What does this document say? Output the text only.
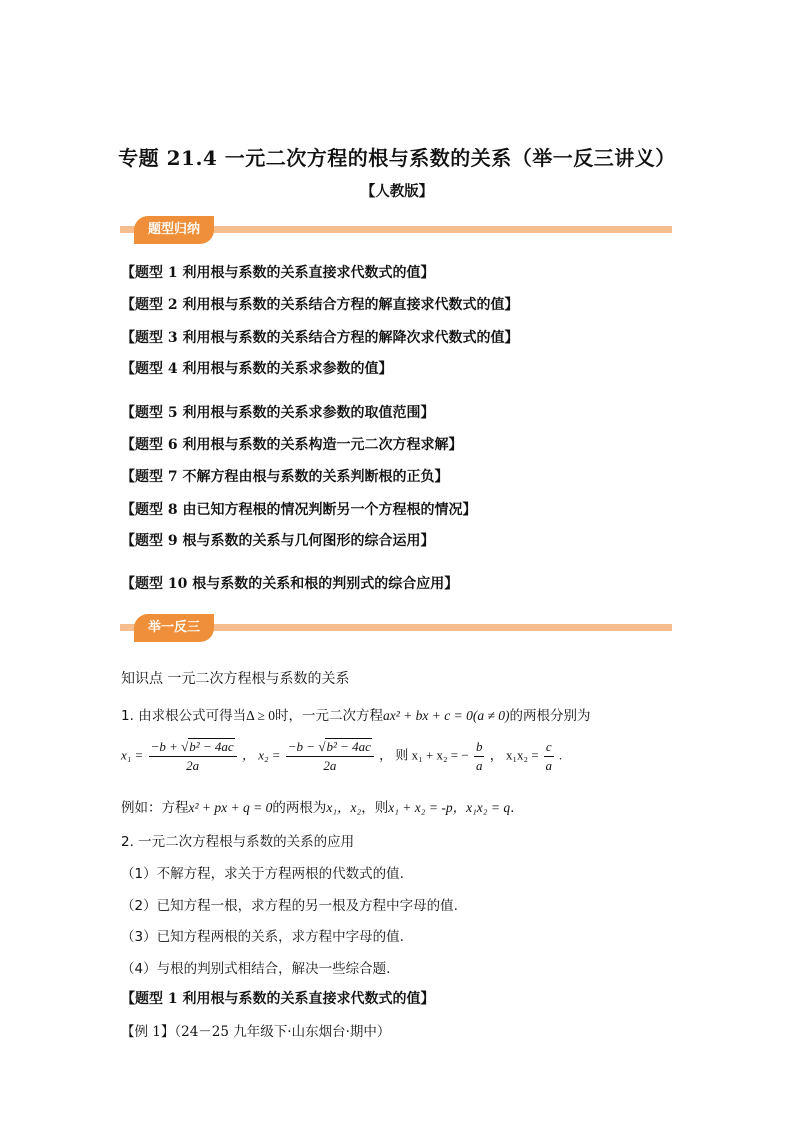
专题 21.4 一元二次方程的根与系数的关系（举一反三讲义）
【人教版】
题型归纳
【题型 1 利用根与系数的关系直接求代数式的值】
【题型 2 利用根与系数的关系结合方程的解直接求代数式的值】
【题型 3 利用根与系数的关系结合方程的解降次求代数式的值】
【题型 4 利用根与系数的关系求参数的值】
【题型 5 利用根与系数的关系求参数的取值范围】
【题型 6 利用根与系数的关系构造一元二次方程求解】
【题型 7 不解方程由根与系数的关系判断根的正负】
【题型 8 由已知方程根的情况判断另一个方程根的情况】
【题型 9 根与系数的关系与几何图形的综合运用】
【题型 10 根与系数的关系和根的判别式的综合应用】
举一反三
知识点 一元二次方程根与系数的关系
1. 由求根公式可得当Δ ≥ 0时，一元二次方程ax² + bx + c = 0(a ≠ 0)的两根分别为
$x_1 = \frac{\text{−b + √b² − 4ac}}{2a}$ ， $x_2 = \frac{\text{−b − √b² − 4ac}}{2a}$ ， 则 x₁ + x₂ = − $\frac{b}{a}$ ， $x_1x_2 = \frac{c}{a}$ .
例如：方程x² + px + q = 0的两根为x₁，x₂，则x₁ + x₂ = -p，x₁x₂ = q.
2. 一元二次方程根与系数的关系的应用
（1）不解方程，求关于方程两根的代数式的值.
（2）已知方程一根，求方程的另一根及方程中字母的值.
（3）已知方程两根的关系，求方程中字母的值.
（4）与根的判别式相结合，解决一些综合题.
【题型 1 利用根与系数的关系直接求代数式的值】
【例 1】（24－25 九年级下·山东烟台·期中）
